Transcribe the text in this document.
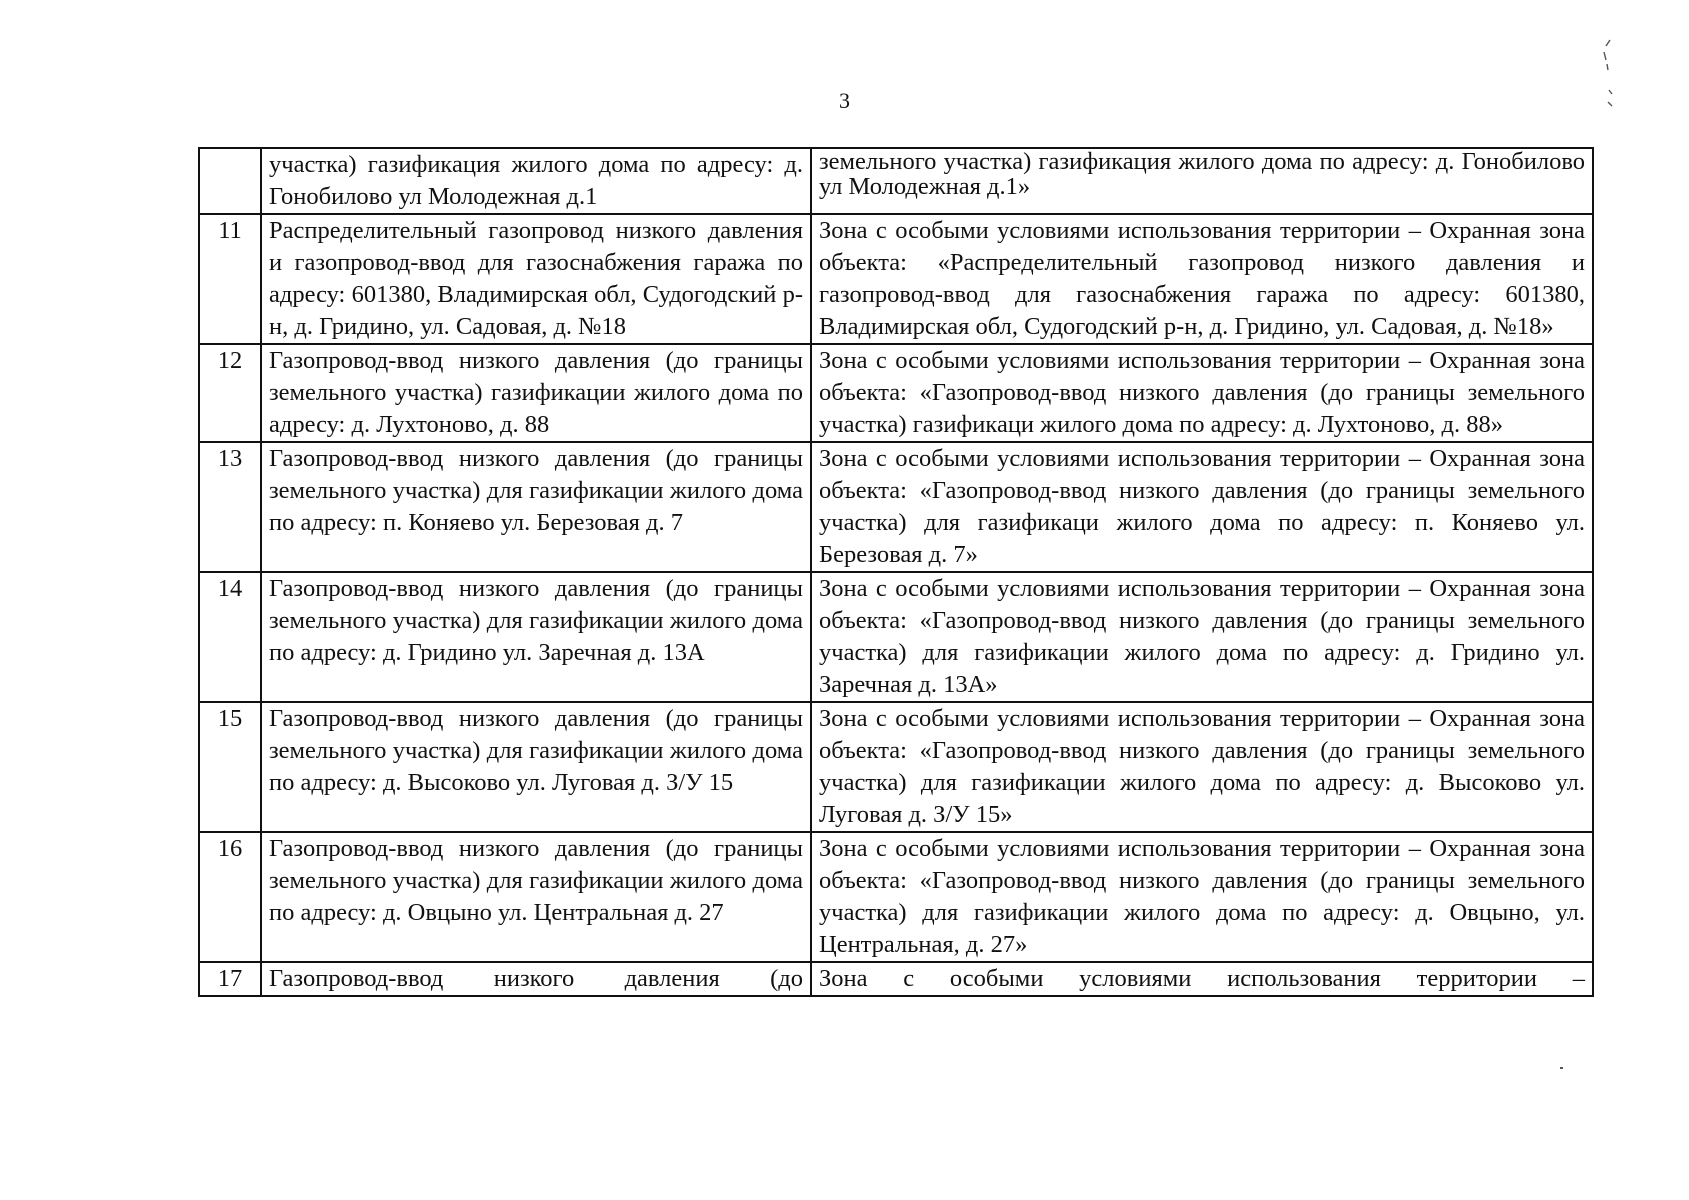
3
	участка) газификация жилого дома по адресу: д. Гонобилово ул Молодежная д.1	земельного участка) газификация жилого дома по адресу: д. Гонобилово ул Молодежная д.1»
11	Распределительный газопровод низкого давления и газопровод-ввод для газоснабжения гаража по адресу: 601380, Владимирская обл, Судогодский р-н, д. Гридино, ул. Садовая, д. №18	Зона с особыми условиями использования территории – Охранная зона объекта: «Распределительный газопровод низкого давления и газопровод-ввод для газоснабжения гаража по адресу: 601380, Владимирская обл, Судогодский р-н, д. Гридино, ул. Садовая, д. №18»
12	Газопровод-ввод низкого давления (до границы земельного участка) газификации жилого дома по адресу: д. Лухтоново, д. 88	Зона с особыми условиями использования территории – Охранная зона объекта: «Газопровод-ввод низкого давления (до границы земельного участка) газификаци жилого дома по адресу: д. Лухтоново, д. 88»
13	Газопровод-ввод низкого давления (до границы земельного участка) для газификации жилого дома по адресу: п. Коняево ул. Березовая д. 7	Зона с особыми условиями использования территории – Охранная зона объекта: «Газопровод-ввод низкого давления (до границы земельного участка) для газификаци жилого дома по адресу: п. Коняево ул. Березовая д. 7»
14	Газопровод-ввод низкого давления (до границы земельного участка) для газификации жилого дома по адресу: д. Гридино ул. Заречная д. 13А	Зона с особыми условиями использования территории – Охранная зона объекта: «Газопровод-ввод низкого давления (до границы земельного участка) для газификации жилого дома по адресу: д. Гридино ул. Заречная д. 13А»
15	Газопровод-ввод низкого давления (до границы земельного участка) для газификации жилого дома по адресу: д. Высоково ул. Луговая д. З/У 15	Зона с особыми условиями использования территории – Охранная зона объекта: «Газопровод-ввод низкого давления (до границы земельного участка) для газификации жилого дома по адресу: д. Высоково ул. Луговая д. З/У 15»
16	Газопровод-ввод низкого давления (до границы земельного участка) для газификации жилого дома по адресу: д. Овцыно ул. Центральная д. 27	Зона с особыми условиями использования территории – Охранная зона объекта: «Газопровод-ввод низкого давления (до границы земельного участка) для газификации жилого дома по адресу: д. Овцыно, ул. Центральная, д. 27»
17	Газопровод-ввод низкого давления (до	Зона с особыми условиями использования территории –
